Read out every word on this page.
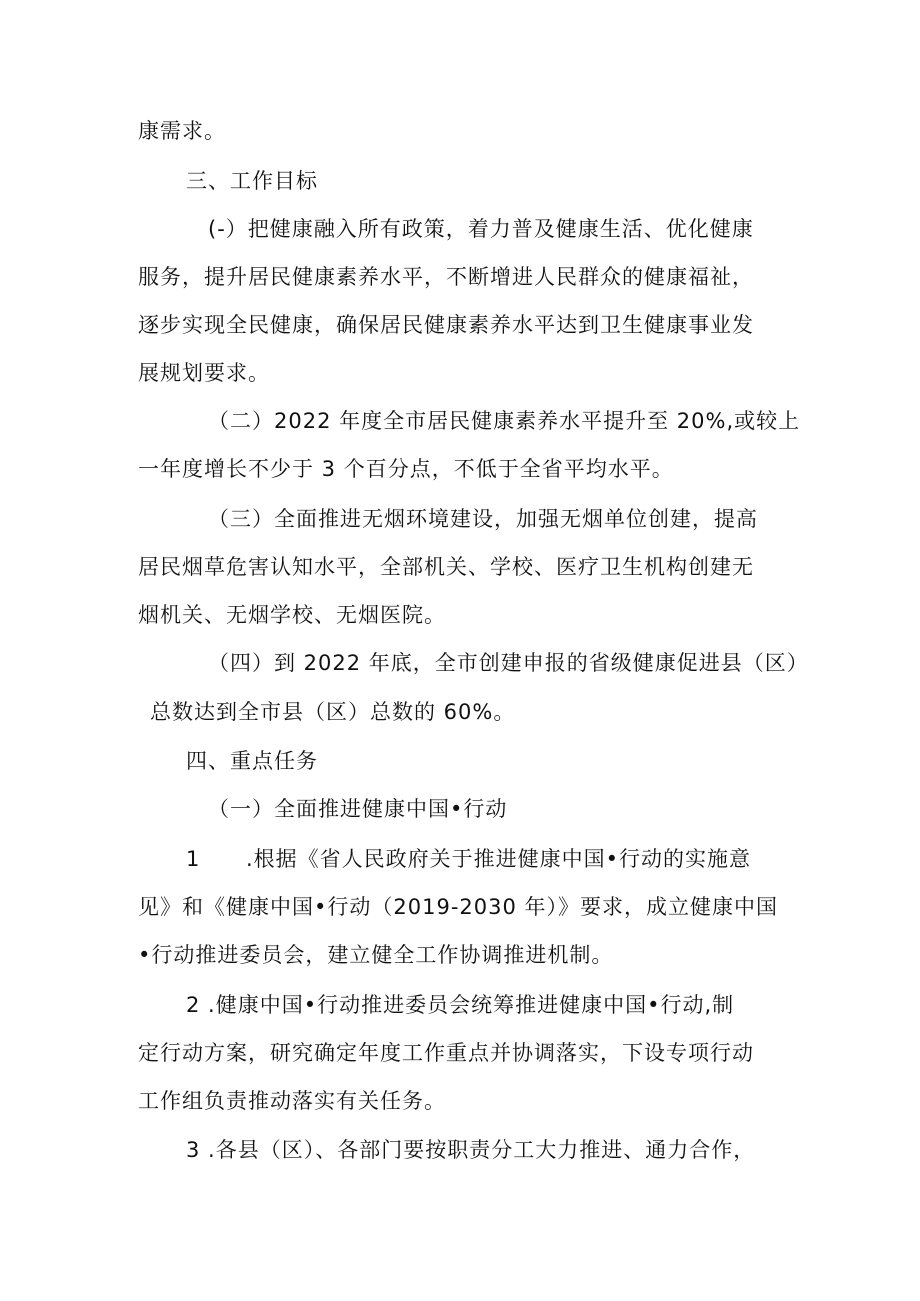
康需求。
三、工作目标
(-）把健康融入所有政策，着力普及健康生活、优化健康
服务，提升居民健康素养水平，不断增进人民群众的健康福祉，
逐步实现全民健康，确保居民健康素养水平达到卫生健康事业发
展规划要求。
（二）2022 年度全市居民健康素养水平提升至 20%,或较上
一年度增长不少于 3 个百分点，不低于全省平均水平。
（三）全面推进无烟环境建设，加强无烟单位创建，提高
居民烟草危害认知水平，全部机关、学校、医疗卫生机构创建无
烟机关、无烟学校、无烟医院。
（四）到 2022 年底，全市创建申报的省级健康促进县（区）
总数达到全市县（区）总数的 60%。
四、重点任务
（一）全面推进健康中国•行动
1 .根据《省人民政府关于推进健康中国•行动的实施意
见》和《健康中国•行动（2019-2030 年）》要求，成立健康中国
•行动推进委员会，建立健全工作协调推进机制。
2 .健康中国•行动推进委员会统筹推进健康中国•行动,制
定行动方案，研究确定年度工作重点并协调落实，下设专项行动
工作组负责推动落实有关任务。
3 .各县（区）、各部门要按职责分工大力推进、通力合作，
